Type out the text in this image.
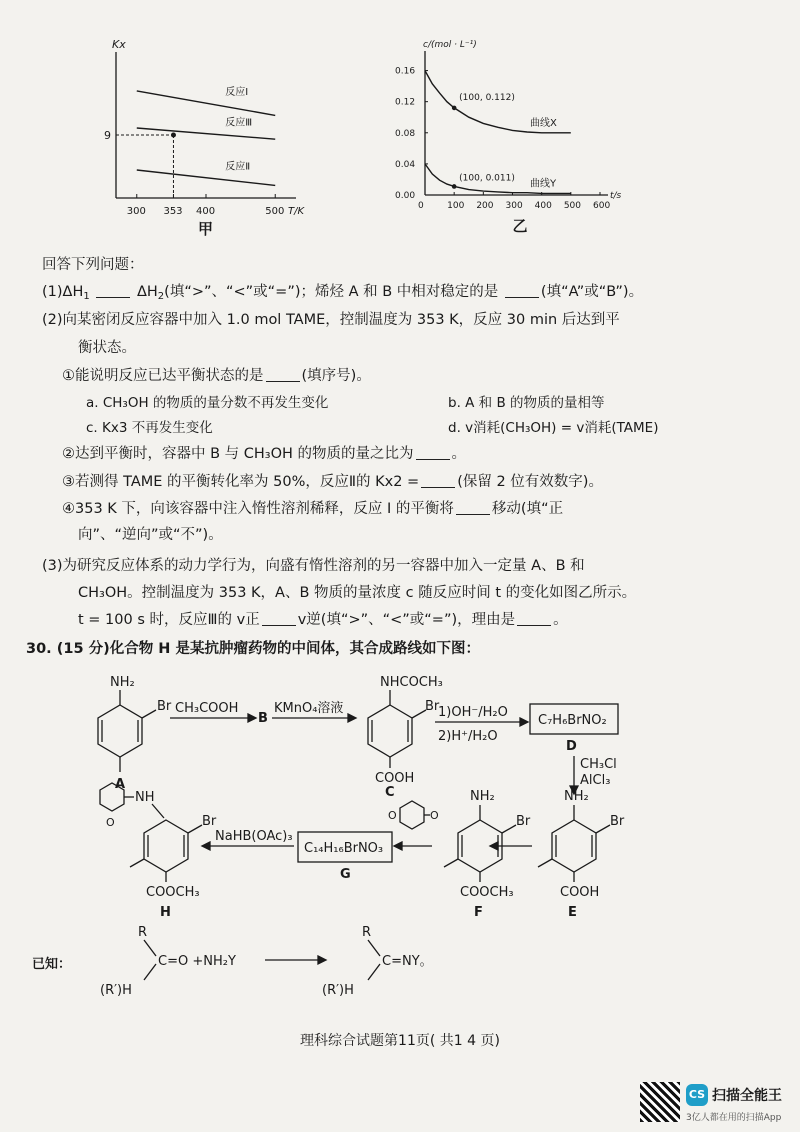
Kx
T/K
300 353 400	500
9
反应Ⅰ
反应Ⅲ
反应Ⅱ
甲
c/(mol · L⁻¹)
t/s
0	100 200 300 400 500 600
0.00
0.04
0.08
0.12
0.16
曲线X
(100, 0.112)
曲线Y
(100, 0.011)
乙
回答下列问题：
$(1)\Delta H_1$	$\Delta H_2$(填“>”、“<”或“=”)；烯烃 A 和 B 中相对稳定的是	(填“A”或“B”)。
(2)向某密闭反应容器中加入 1.0 mol TAME，控制温度为 353 K，反应 30 min 后达到平
衡状态。
①能说明反应已达平衡状态的是	(填序号)。
a. CH₃OH 的物质的量分数不再发生变化	b. A 和 B 的物质的量相等
c. Kx3 不再发生变化	d. v消耗(CH₃OH) = v消耗(TAME)
②达到平衡时，容器中 B 与 CH₃OH 的物质的量之比为	。
③若测得 TAME 的平衡转化率为 50%，反应Ⅱ的 Kx2 =	(保留 2 位有效数字)。
④353 K 下，向该容器中注入惰性溶剂稀释，反应 Ⅰ 的平衡将	移动(填“正
向”、“逆向”或“不”)。
(3)为研究反应体系的动力学行为，向盛有惰性溶剂的另一容器中加入一定量 A、B 和
CH₃OH。控制温度为 353 K，A、B 物质的量浓度 c 随反应时间 t 的变化如图乙所示。
t = 100 s 时，反应Ⅲ的 v正	v逆(填“>”、“<”或“=”)，理由是	。
30. (15 分)化合物 H 是某抗肿瘤药物的中间体，其合成路线如下图：
NH₂
Br
A
CH₃COOH
B
KMnO₄溶液
NHCOCH₃
Br
COOH
C
1)OH⁻/H₂O
2)H⁺/H₂O
C₇H₆BrNO₂
D
CH₃Cl
AlCl₃
NH₂
Br
COOH
E
NH₂
Br
COOCH₃
F
O	O
C₁₄H₁₆BrNO₃
G
NaHB(OAc)₃
O
NH
Br
COOCH₃
H
已知：
R
C=O +NH₂Y
(R′)H
R
C=NY。
(R′)H
理科综合试题第11页( 共1 4 页)
CS 扫描全能王
3亿人都在用的扫描App
